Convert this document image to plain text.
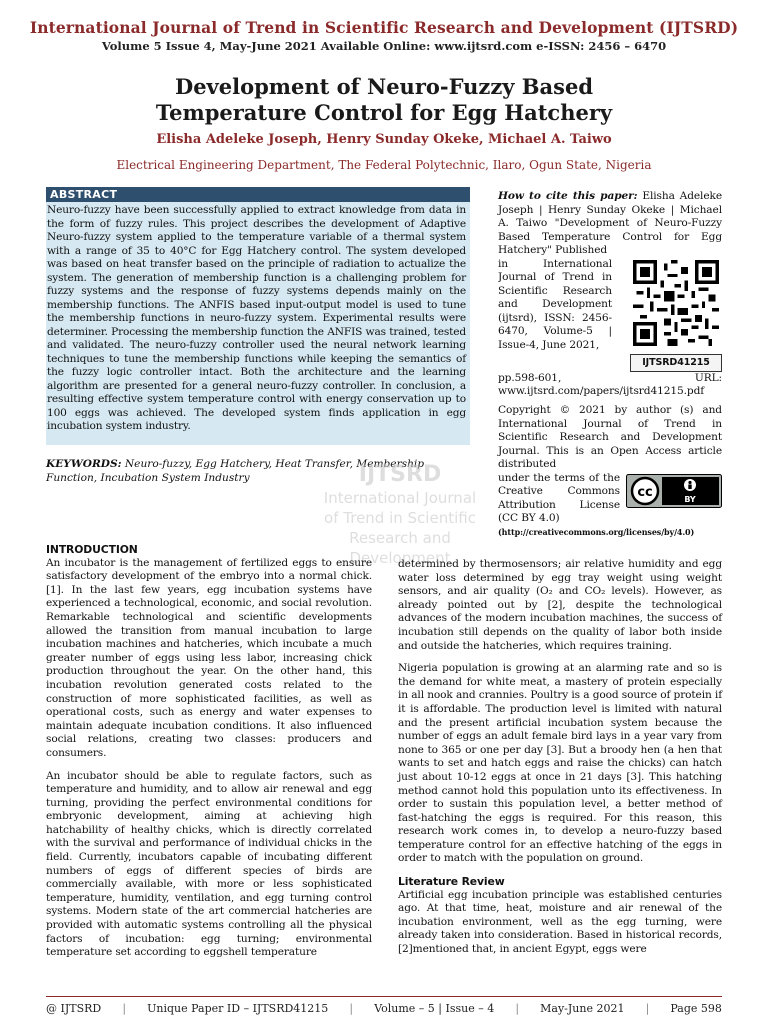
International Journal of Trend in Scientific Research and Development (IJTSRD)
Volume 5 Issue 4, May-June 2021 Available Online: www.ijtsrd.com e-ISSN: 2456 – 6470
Development of Neuro-Fuzzy Based
Temperature Control for Egg Hatchery
Elisha Adeleke Joseph, Henry Sunday Okeke, Michael A. Taiwo
Electrical Engineering Department, The Federal Polytechnic, Ilaro, Ogun State, Nigeria
ABSTRACT
Neuro-fuzzy have been successfully applied to extract knowledge from data in the form of fuzzy rules. This project describes the development of Adaptive Neuro-fuzzy system applied to the temperature variable of a thermal system with a range of 35 to 40°C for Egg Hatchery control. The system developed was based on heat transfer based on the principle of radiation to actualize the system. The generation of membership function is a challenging problem for fuzzy systems and the response of fuzzy systems depends mainly on the membership functions. The ANFIS based input-output model is used to tune the membership functions in neuro-fuzzy system. Experimental results were determiner. Processing the membership function the ANFIS was trained, tested and validated. The neuro-fuzzy controller used the neural network learning techniques to tune the membership functions while keeping the semantics of the fuzzy logic controller intact. Both the architecture and the learning algorithm are presented for a general neuro-fuzzy controller. In conclusion, a resulting effective system temperature control with energy conservation up to 100 eggs was achieved. The developed system finds application in egg incubation system industry.
KEYWORDS: Neuro-fuzzy, Egg Hatchery, Heat Transfer, Membership Function, Incubation System Industry
How to cite this paper: Elisha Adeleke Joseph | Henry Sunday Okeke | Michael A. Taiwo "Development of Neuro-Fuzzy Based Temperature Control for Egg Hatchery" Published
in International Journal of Trend in Scientific Research and Development (ijtsrd), ISSN: 2456-6470, Volume-5 | Issue-4, June 2021,
IJTSRD41215
pp.598-601, URL: www.ijtsrd.com/papers/ijtsrd41215.pdf
Copyright © 2021 by author (s) and International Journal of Trend in Scientific Research and Development Journal. This is an Open Access article distributed
cc	BY
under the terms of the Creative Commons Attribution License (CC BY 4.0)
(http://creativecommons.org/licenses/by/4.0)
IJTSRD
International Journal
of Trend in Scientific
Research and
Development
INTRODUCTION

An incubator is the management of fertilized eggs to ensure satisfactory development of the embryo into a normal chick. [1]. In the last few years, egg incubation systems have experienced a technological, economic, and social revolution. Remarkable technological and scientific developments allowed the transition from manual incubation to large incubation machines and hatcheries, which incubate a much greater number of eggs using less labor, increasing chick production throughout the year. On the other hand, this incubation revolution generated costs related to the construction of more sophisticated facilities, as well as operational costs, such as energy and water expenses to maintain adequate incubation conditions. It also influenced social relations, creating two classes: producers and consumers.

An incubator should be able to regulate factors, such as temperature and humidity, and to allow air renewal and egg turning, providing the perfect environmental conditions for embryonic development, aiming at achieving high hatchability of healthy chicks, which is directly correlated with the survival and performance of individual chicks in the field. Currently, incubators capable of incubating different numbers of eggs of different species of birds are commercially available, with more or less sophisticated temperature, humidity, ventilation, and egg turning control systems. Modern state of the art commercial hatcheries are provided with automatic systems controlling all the physical factors of incubation: egg turning; environmental temperature set according to eggshell temperature

determined by thermosensors; air relative humidity and egg water loss determined by egg tray weight using weight sensors, and air quality (O₂ and CO₂ levels). However, as already pointed out by [2], despite the technological advances of the modern incubation machines, the success of incubation still depends on the quality of labor both inside and outside the hatcheries, which requires training.

Nigeria population is growing at an alarming rate and so is the demand for white meat, a mastery of protein especially in all nook and crannies. Poultry is a good source of protein if it is affordable. The production level is limited with natural and the present artificial incubation system because the number of eggs an adult female bird lays in a year vary from none to 365 or one per day [3]. But a broody hen (a hen that wants to set and hatch eggs and raise the chicks) can hatch just about 10-12 eggs at once in 21 days [3]. This hatching method cannot hold this population unto its effectiveness. In order to sustain this population level, a better method of fast-hatching the eggs is required. For this reason, this research work comes in, to develop a neuro-fuzzy based temperature control for an effective hatching of the eggs in order to match with the population on ground.

Literature Review

Artificial egg incubation principle was established centuries ago. At that time, heat, moisture and air renewal of the incubation environment, well as the egg turning, were already taken into consideration. Based in historical records, [2]mentioned that, in ancient Egypt, eggs were

@ IJTSRD | Unique Paper ID – IJTSRD41215 | Volume – 5 | Issue – 4 | May-June 2021 | Page 598
